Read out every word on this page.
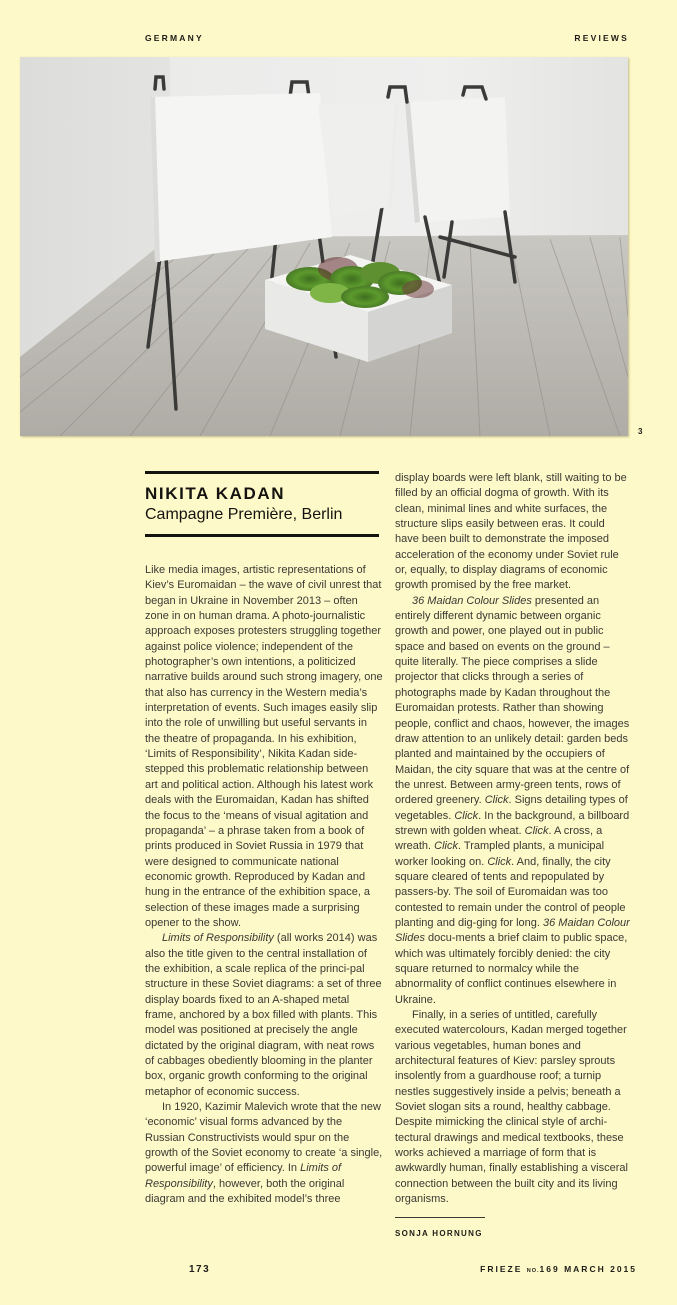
GERMANY	REVIEWS
3
NIKITA KADAN
Campagne Première, Berlin

Like media images, artistic representations of Kiev’s Euromaidan – the wave of civil unrest that began in Ukraine in November 2013 – often zone in on human drama. A photo-journalistic approach exposes protesters struggling together against police violence; independent of the photographer’s own intentions, a politicized narrative builds around such strong imagery, one that also has currency in the Western media’s interpretation of events. Such images easily slip into the role of unwilling but useful servants in the theatre of propaganda. In his exhibition, ‘Limits of Responsibility’, Nikita Kadan side-stepped this problematic relationship between art and political action. Although his latest work deals with the Euromaidan, Kadan has shifted the focus to the ‘means of visual agitation and propaganda’ – a phrase taken from a book of prints produced in Soviet Russia in 1979 that were designed to communicate national economic growth. Reproduced by Kadan and hung in the entrance of the exhibition space, a selection of these images made a surprising opener to the show.

Limits of Responsibility (all works 2014) was also the title given to the central installation of the exhibition, a scale replica of the princi-pal structure in these Soviet diagrams: a set of three display boards fixed to an A-shaped metal frame, anchored by a box filled with plants. This model was positioned at precisely the angle dictated by the original diagram, with neat rows of cabbages obediently blooming in the planter box, organic growth conforming to the original metaphor of economic success.

In 1920, Kazimir Malevich wrote that the new ‘economic’ visual forms advanced by the Russian Constructivists would spur on the growth of the Soviet economy to create ‘a single, powerful image’ of efficiency. In Limits of Responsibility, however, both the original diagram and the exhibited model’s three

display boards were left blank, still waiting to be filled by an official dogma of growth. With its clean, minimal lines and white surfaces, the structure slips easily between eras. It could have been built to demonstrate the imposed acceleration of the economy under Soviet rule or, equally, to display diagrams of economic growth promised by the free market.

36 Maidan Colour Slides presented an entirely different dynamic between organic growth and power, one played out in public space and based on events on the ground – quite literally. The piece comprises a slide projector that clicks through a series of photographs made by Kadan throughout the Euromaidan protests. Rather than showing people, conflict and chaos, however, the images draw attention to an unlikely detail: garden beds planted and maintained by the occupiers of Maidan, the city square that was at the centre of the unrest. Between army-green tents, rows of ordered greenery. Click. Signs detailing types of vegetables. Click. In the background, a billboard strewn with golden wheat. Click. A cross, a wreath. Click. Trampled plants, a municipal worker looking on. Click. And, finally, the city square cleared of tents and repopulated by passers-by. The soil of Euromaidan was too contested to remain under the control of people planting and dig-ging for long. 36 Maidan Colour Slides docu-ments a brief claim to public space, which was ultimately forcibly denied: the city square returned to normalcy while the abnormality of conflict continues elsewhere in Ukraine.

Finally, in a series of untitled, carefully executed watercolours, Kadan merged together various vegetables, human bones and architectural features of Kiev: parsley sprouts insolently from a guardhouse roof; a turnip nestles suggestively inside a pelvis; beneath a Soviet slogan sits a round, healthy cabbage. Despite mimicking the clinical style of archi-tectural drawings and medical textbooks, these works achieved a marriage of form that is awkwardly human, finally establishing a visceral connection between the built city and its living organisms.

SONJA HORNUNG
173	FRIEZE NO.169 MARCH 2015
